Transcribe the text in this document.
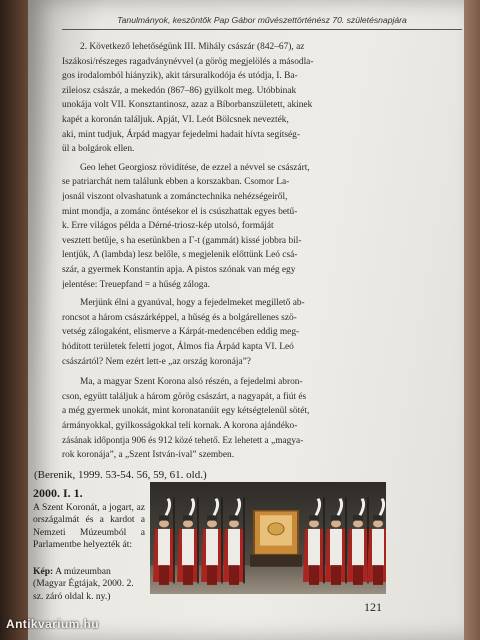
Tanulmányok, keszöntők Pap Gábor művészettörténész 70. születésnapjára
2. Következő lehetőségünk III. Mihály császár (842–67), az
Iszákosi/részeges ragadványnévvel (a görög megjelölés a másodla-
gos irodalomból hiányzik), akit társuralkodója és utódja, I. Ba-
zileiosz császár, a mekedón (867–86) gyilkolt meg. Utóbbinak
unokája volt VII. Konsztantinosz, azaz a Bíborbanszületett, akinek
kapét a koronán találjuk. Apját, VI. Leót Bölcsnek nevezték,
aki, mint tudjuk, Árpád magyar fejedelmi hadait hívta segítség-
ül a bolgárok ellen.
Geo lehet Georgiosz rövidítése, de ezzel a névvel se császárt,
se patriarchát nem találunk ebben a korszakban. Csomor La-
josnál viszont olvashatunk a zománctechnika nehézségeiről,
mint mondja, a zománc öntésekor el is csúszhattak egyes betű-
k. Erre világos példa a Dérné-triosz-kép utolsó, formáját
vesztett betűje, s ha esetünkben a Γ-t (gammát) kissé jobbra bil-
lentjük, Λ (lambda) lesz belőle, s megjelenik előttünk Leó csá-
szár, a gyermek Konstantin apja. A pistos szónak van még egy
jelentése: Treuepfand = a hűség záloga.
Merjünk élni a gyanúval, hogy a fejedelmeket megillető ab-
roncsot a három császárképpel, a hűség és a bolgárellenes szö-
vetség zálogaként, elismerve a Kárpát-medencében eddig meg-
hódított területek feletti jogot, Álmos fia Árpád kapta VI. Leó
császártól? Nem ezért lett-e „az ország koronája”?
Ma, a magyar Szent Korona alsó részén, a fejedelmi abron-
cson, együtt találjuk a három görög császárt, a nagyapát, a fiút és
a még gyermek unokát, mint koronatanúit egy kétségtelenül sötét,
ármányokkal, gyilkosságokkal teli kornak. A korona ajándéko-
zásának időpontja 906 és 912 közé tehető. Ez lehetett a „magya-
rok koronája”, a „Szent István-ival” szemben.
(Berenik, 1999. 53-54. 56, 59, 61. old.)
2000. I. 1.
A Szent Koronát, a jogart, az országalmát és a kardot a Nemzeti Múzeumból a Parlamentbe helyezték át:
Kép: A múzeumban (Magyar Égtájak, 2000. 2. sz. záró oldal k. ny.)
121
Antikvarium.hu
